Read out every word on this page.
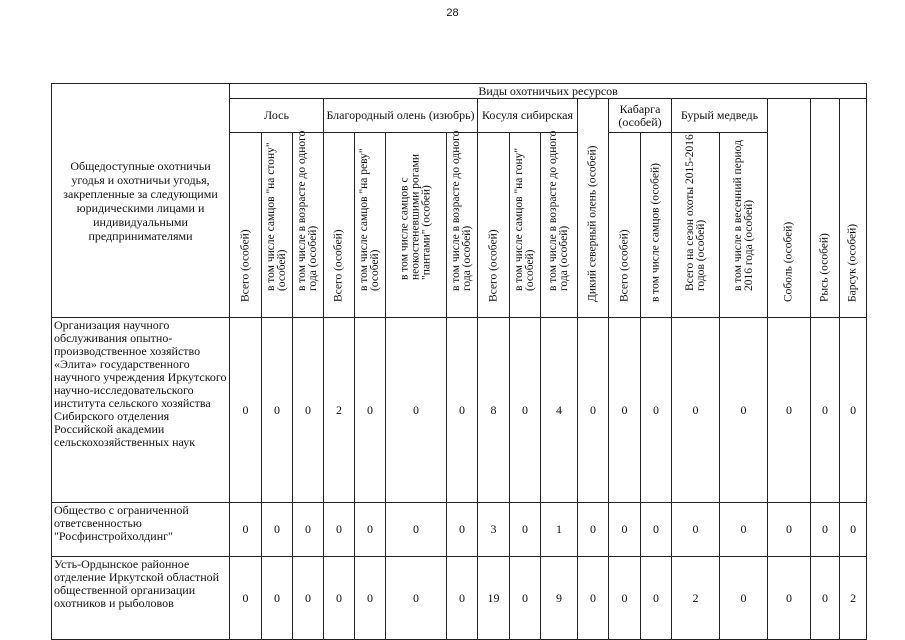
28
Общедоступные охотничьи угодья и охотничьи угодья, закрепленные за следующими юридическими лицами и индивидуальными предпринимателями	Виды охотничьих ресурсов																	
	Лось			Благородный олень (изюбрь)				Косуля сибирская			Дикий северный олень (особей)	Кабарга (особей)		Бурый медведь		Соболь (особей)	Рысь (особей)	Барсук (особей)

	Всего (особей)	в том числе самцов "на стону" (особей)	в том числе в возрасте до одного года (особей)	Всего (особей)	в том числе самцов "на реву" (особей)	в том числе самцов с неокостеневшими рогами "пантами" (особей)	в том числе в возрасте до одного года (особей)	Всего (особей)	в том числе самцов "на гону" (особей)	в том числе в возрасте до одного года (особей)		Всего (особей)	в том числе самцов (особей)	Всего на сезон охоты 2015-2016 годов (особей)	в том числе в весенний период 2016 года (особей)			

Организация научного обслуживания опытно-производственное хозяйство «Элита» государственного научного учреждения Иркутского научно-исследовательского института сельского хозяйства Сибирского отделения Российской академии сельскохозяйственных наук	0	0	0	2	0	0	0	8	0	4	0	0	0	0	0	0	0	0
Общество с ограниченной ответсвенностью "Росфинстройхолдинг"	0	0	0	0	0	0	0	3	0	1	0	0	0	0	0	0	0	0
Усть-Ордынское районное отделение Иркутской областной общественной организации охотников и рыболовов	0	0	0	0	0	0	0	19	0	9	0	0	0	2	0	0	0	2
